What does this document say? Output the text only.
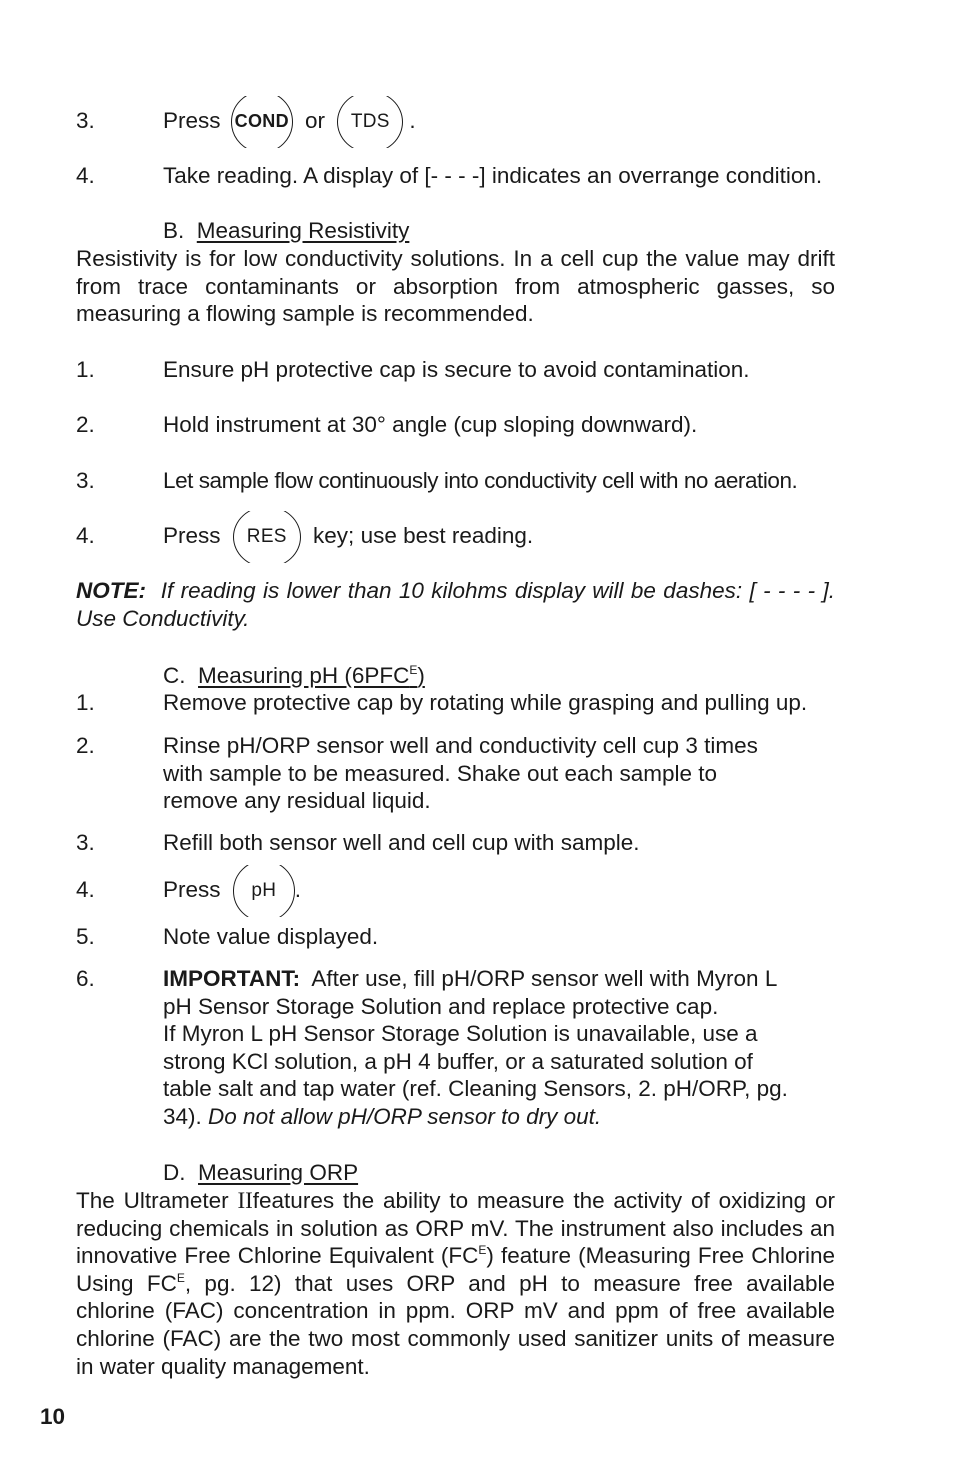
3.	Press COND or	TDS .
4.	Take reading. A display of [- - - -] indicates an overrange condition.
B. Measuring Resistivity

Resistivity is for low conductivity solutions. In a cell cup the value may drift from trace contaminants or absorption from atmospheric gasses, so measuring a flowing sample is recommended.

1.	Ensure pH protective cap is secure to avoid contamination.
2.	Hold instrument at 30° angle (cup sloping downward).
3.	Let sample flow continuously into conductivity cell with no aeration.
4.	Press	RES	key; use best reading.

NOTE: If reading is lower than 10 kilohms display will be dashes: [ - - - - ]. Use Conductivity.

C. Measuring pH $(6PFC^E)$
1.	Remove protective cap by rotating while grasping and pulling up.
2.	Rinse pH/ORP sensor well and conductivity cell cup 3 times
with sample to be measured. Shake out each sample to
remove any residual liquid.
3.	Refill both sensor well and cell cup with sample.
4.	Press	pH .
5.	Note value displayed.
6.	IMPORTANT: After use, fill pH/ORP sensor well with Myron L
pH Sensor Storage Solution and replace protective cap.
If Myron L pH Sensor Storage Solution is unavailable, use a
strong KCl solution, a pH 4 buffer, or a saturated solution of
table salt and tap water (ref. Cleaning Sensors, 2. pH/ORP, pg.
34). Do not allow pH/ORP sensor to dry out.
D. Measuring ORP

The Ultrameter IIfeatures the ability to measure the activity of oxidizing or reducing chemicals in solution as ORP mV. The instrument also includes an innovative Free Chlorine Equivalent $(FC^E)$ feature (Measuring Free Chlorine Using $FC^E$, pg. 12) that uses ORP and pH to measure free available chlorine (FAC) concentration in ppm. ORP mV and ppm of free available chlorine (FAC) are the two most commonly used sanitizer units of measure in water quality management.

10
